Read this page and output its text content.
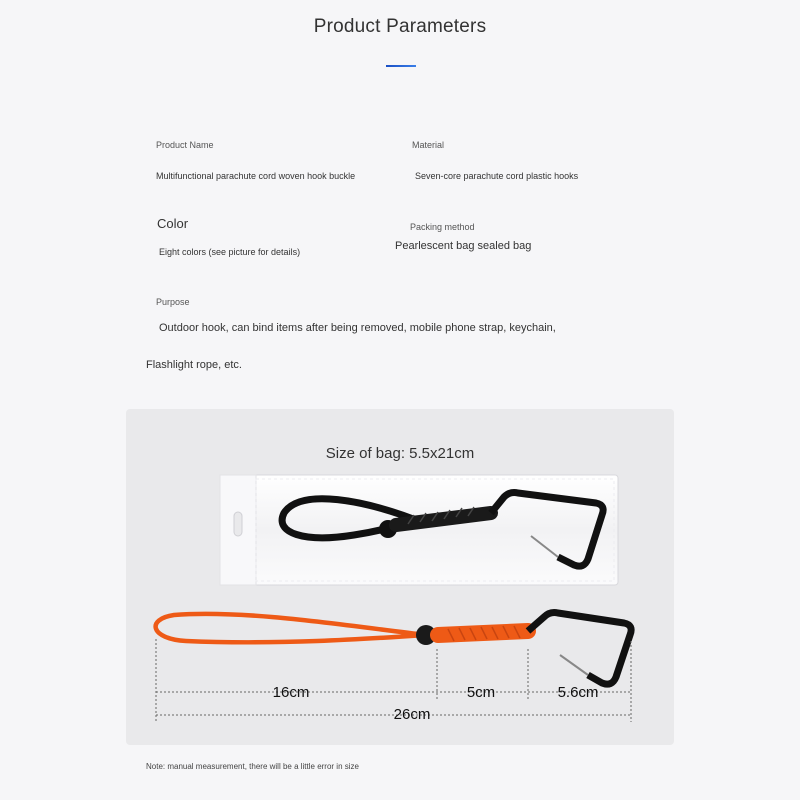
Product Parameters
Product Name
Multifunctional parachute cord woven hook buckle
Material
Seven-core parachute cord plastic hooks
Color
Eight colors (see picture for details)
Packing method
Pearlescent bag sealed bag
Purpose
Outdoor hook, can bind items after being removed, mobile phone strap, keychain,
Flashlight rope, etc.
Size of bag: 5.5x21cm
16cm	5cm	5.6cm
26cm
Note: manual measurement, there will be a little error in size
